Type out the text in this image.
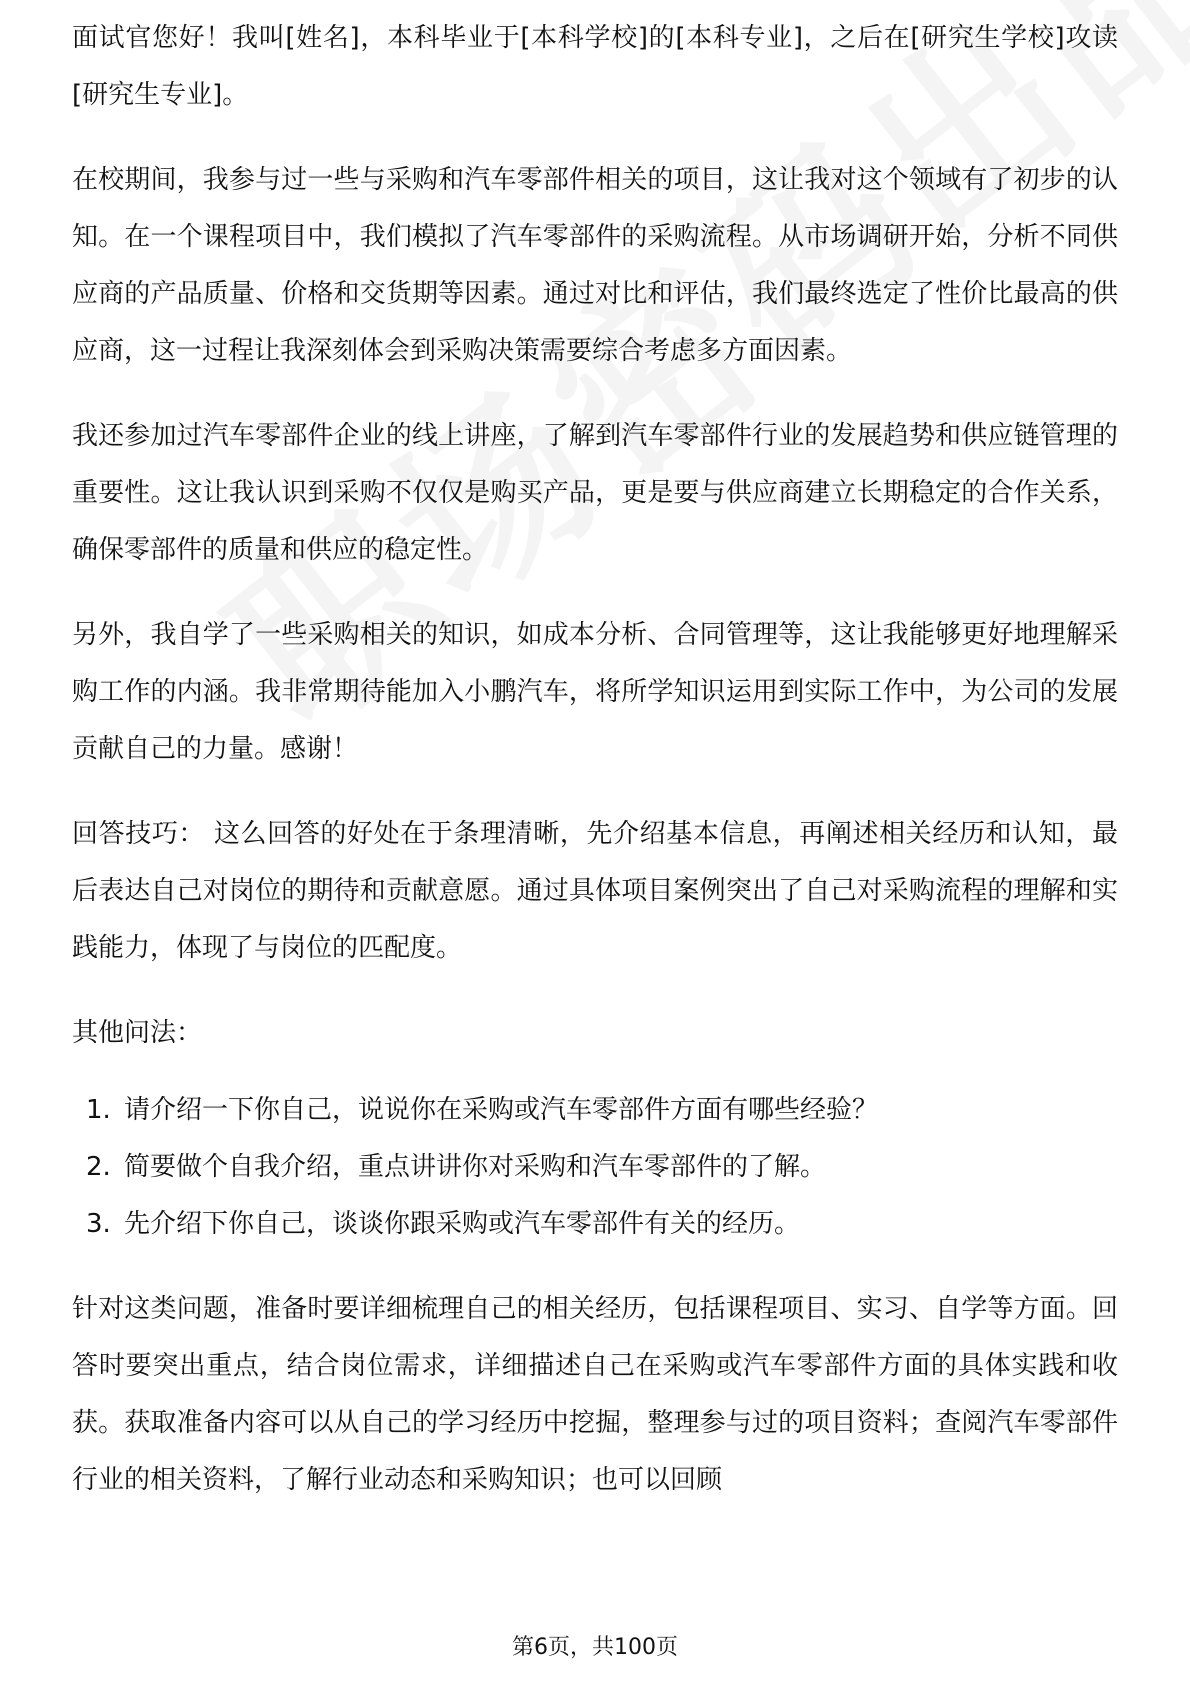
面试官您好！我叫[姓名]，本科毕业于[本科学校]的[本科专业]，之后在[研究生学校]攻读[研究生专业]。

在校期间，我参与过一些与采购和汽车零部件相关的项目，这让我对这个领域有了初步的认知。在一个课程项目中，我们模拟了汽车零部件的采购流程。从市场调研开始，分析不同供应商的产品质量、价格和交货期等因素。通过对比和评估，我们最终选定了性价比最高的供应商，这一过程让我深刻体会到采购决策需要综合考虑多方面因素。

我还参加过汽车零部件企业的线上讲座，了解到汽车零部件行业的发展趋势和供应链管理的重要性。这让我认识到采购不仅仅是购买产品，更是要与供应商建立长期稳定的合作关系，确保零部件的质量和供应的稳定性。

另外，我自学了一些采购相关的知识，如成本分析、合同管理等，这让我能够更好地理解采购工作的内涵。我非常期待能加入小鹏汽车，将所学知识运用到实际工作中，为公司的发展贡献自己的力量。感谢！

回答技巧： 这么回答的好处在于条理清晰，先介绍基本信息，再阐述相关经历和认知，最后表达自己对岗位的期待和贡献意愿。通过具体项目案例突出了自己对采购流程的理解和实践能力，体现了与岗位的匹配度。

其他问法：

1. 请介绍一下你自己，说说你在采购或汽车零部件方面有哪些经验？
2. 简要做个自我介绍，重点讲讲你对采购和汽车零部件的了解。
3. 先介绍下你自己，谈谈你跟采购或汽车零部件有关的经历。

针对这类问题，准备时要详细梳理自己的相关经历，包括课程项目、实习、自学等方面。回答时要突出重点，结合岗位需求，详细描述自己在采购或汽车零部件方面的具体实践和收获。获取准备内容可以从自己的学习经历中挖掘，整理参与过的项目资料；查阅汽车零部件行业的相关资料，了解行业动态和采购知识；也可以回顾

第6页，共100页
